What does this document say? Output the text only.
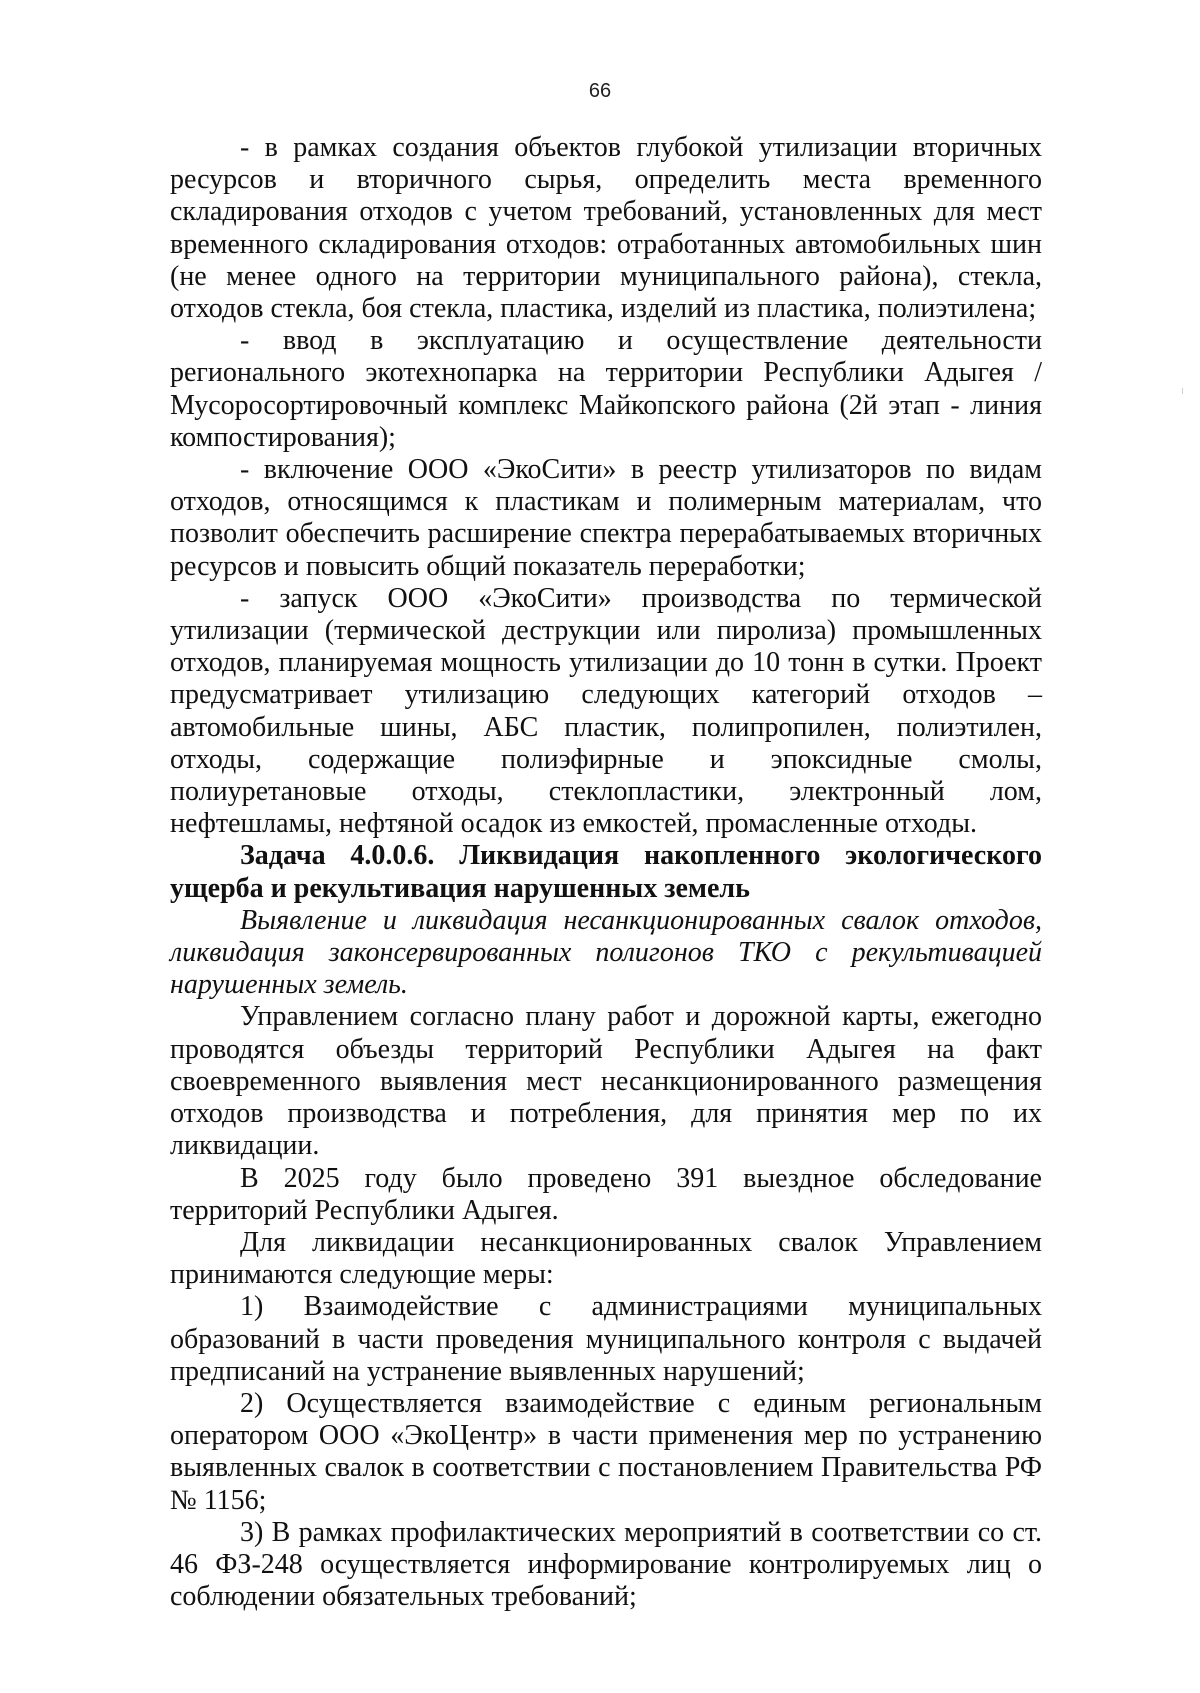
66

- в рамках создания объектов глубокой утилизации вторичных ресурсов и вторичного сырья, определить места временного складирования отходов с учетом требований, установленных для мест временного складирования отходов: отработанных автомобильных шин (не менее одного на территории муниципального района), стекла, отходов стекла, боя стекла, пластика, изделий из пластика, полиэтилена;

- ввод в эксплуатацию и осуществление деятельности регионального экотехнопарка на территории Республики Адыгея / Мусоросортировочный комплекс Майкопского района (2й этап - линия компостирования);

- включение ООО «ЭкоСити» в реестр утилизаторов по видам отходов, относящимся к пластикам и полимерным материалам, что позволит обеспечить расширение спектра перерабатываемых вторичных ресурсов и повысить общий показатель переработки;

- запуск ООО «ЭкоСити» производства по термической утилизации (термической деструкции или пиролиза) промышленных отходов, планируемая мощность утилизации до 10 тонн в сутки. Проект предусматривает утилизацию следующих категорий отходов – автомобильные шины, АБС пластик, полипропилен, полиэтилен, отходы, содержащие полиэфирные и эпоксидные смолы, полиуретановые отходы, стеклопластики, электронный лом, нефтешламы, нефтяной осадок из емкостей, промасленные отходы.

Задача 4.0.0.6. Ликвидация накопленного экологического ущерба и рекультивация нарушенных земель

Выявление и ликвидация несанкционированных свалок отходов, ликвидация законсервированных полигонов ТКО с рекультивацией нарушенных земель.

Управлением согласно плану работ и дорожной карты, ежегодно проводятся объезды территорий Республики Адыгея на факт своевременного выявления мест несанкционированного размещения отходов производства и потребления, для принятия мер по их ликвидации.

В 2025 году было проведено 391 выездное обследование территорий Республики Адыгея.

Для ликвидации несанкционированных свалок Управлением принимаются следующие меры:

1) Взаимодействие с администрациями муниципальных образований в части проведения муниципального контроля с выдачей предписаний на устранение выявленных нарушений;

2) Осуществляется взаимодействие с единым региональным оператором ООО «ЭкоЦентр» в части применения мер по устранению выявленных свалок в соответствии с постановлением Правительства РФ № 1156;

3) В рамках профилактических мероприятий в соответствии со ст. 46 ФЗ-248 осуществляется информирование контролируемых лиц о соблюдении обязательных требований;
